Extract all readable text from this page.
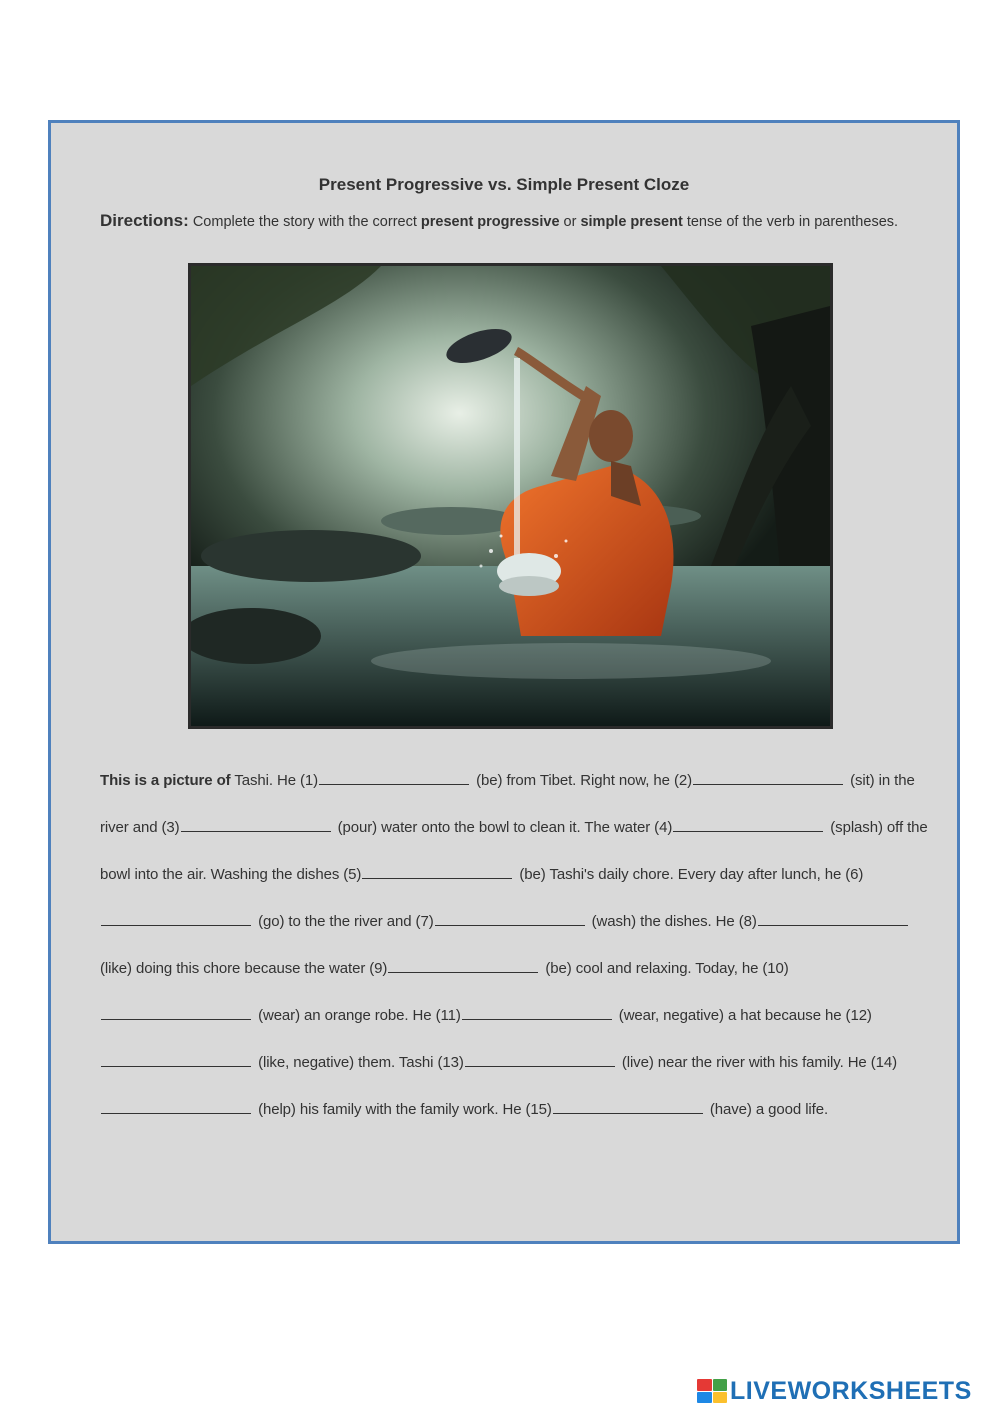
Present Progressive vs. Simple Present Cloze
Directions: Complete the story with the correct present progressive or simple present tense of the verb in parentheses.
This is a picture of Tashi. He (1)	(be) from Tibet. Right now, he (2)	(sit) in the river and (3)	(pour) water onto the bowl to clean it. The water (4)	(splash) off the bowl into the air. Washing the dishes (5)	(be) Tashi's daily chore. Every day after lunch, he (6) (go) to the the river and (7)	(wash) the dishes. He (8) (like) doing this chore because the water (9)	(be) cool and relaxing. Today, he (10) (wear) an orange robe. He (11)	(wear, negative) a hat because he (12) (like, negative) them. Tashi (13)	(live) near the river with his family. He (14) (help) his family with the family work. He (15)	(have) a good life.
LIVEWORKSHEETS
